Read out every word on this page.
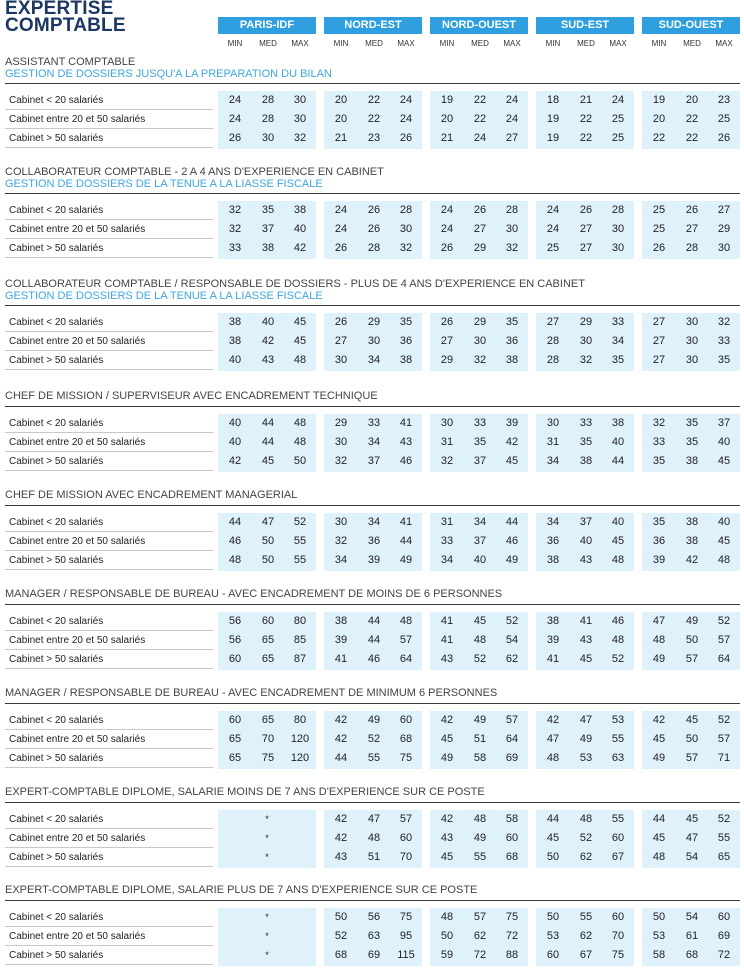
EXPERTISE
COMPTABLE	PARIS-IDF
MIN	MED	MAX
NORD-EST
MIN	MED	MAX
NORD-OUEST
MIN	MED	MAX
SUD-EST
MIN	MED	MAX
SUD-OUEST
MIN	MED	MAX
ASSISTANT COMPTABLE
GESTION DE DOSSIERS JUSQU'A LA PREPARATION DU BILAN
Cabinet < 20 salariés	24	28	30	20	22	24	19	22	24	18	21	24	19	20	23
Cabinet entre 20 et 50 salariés	24	28	30	20	22	24	20	22	24	19	22	25	20	22	25
Cabinet > 50 salariés	26	30	32	21	23	26	21	24	27	19	22	25	22	22	26
COLLABORATEUR COMPTABLE - 2 A 4 ANS D'EXPERIENCE EN CABINET
GESTION DE DOSSIERS DE LA TENUE A LA LIASSE FISCALE
Cabinet < 20 salariés	32	35	38	24	26	28	24	26	28	24	26	28	25	26	27
Cabinet entre 20 et 50 salariés	32	37	40	24	26	30	24	27	30	24	27	30	25	27	29
Cabinet > 50 salariés	33	38	42	26	28	32	26	29	32	25	27	30	26	28	30
COLLABORATEUR COMPTABLE / RESPONSABLE DE DOSSIERS - PLUS DE 4 ANS D'EXPERIENCE EN CABINET
GESTION DE DOSSIERS DE LA TENUE A LA LIASSE FISCALE
Cabinet < 20 salariés	38	40	45	26	29	35	26	29	35	27	29	33	27	30	32
Cabinet entre 20 et 50 salariés	38	42	45	27	30	36	27	30	36	28	30	34	27	30	33
Cabinet > 50 salariés	40	43	48	30	34	38	29	32	38	28	32	35	27	30	35
CHEF DE MISSION / SUPERVISEUR AVEC ENCADREMENT TECHNIQUE
Cabinet < 20 salariés	40	44	48	29	33	41	30	33	39	30	33	38	32	35	37
Cabinet entre 20 et 50 salariés	40	44	48	30	34	43	31	35	42	31	35	40	33	35	40
Cabinet > 50 salariés	42	45	50	32	37	46	32	37	45	34	38	44	35	38	45
CHEF DE MISSION AVEC ENCADREMENT MANAGERIAL
Cabinet < 20 salariés	44	47	52	30	34	41	31	34	44	34	37	40	35	38	40
Cabinet entre 20 et 50 salariés	46	50	55	32	36	44	33	37	46	36	40	45	36	38	45
Cabinet > 50 salariés	48	50	55	34	39	49	34	40	49	38	43	48	39	42	48
MANAGER / RESPONSABLE DE BUREAU - AVEC ENCADREMENT DE MOINS DE 6 PERSONNES
Cabinet < 20 salariés	56	60	80	38	44	48	41	45	52	38	41	46	47	49	52
Cabinet entre 20 et 50 salariés	56	65	85	39	44	57	41	48	54	39	43	48	48	50	57
Cabinet > 50 salariés	60	65	87	41	46	64	43	52	62	41	45	52	49	57	64
MANAGER / RESPONSABLE DE BUREAU - AVEC ENCADREMENT DE MINIMUM 6 PERSONNES
Cabinet < 20 salariés	60	65	80	42	49	60	42	49	57	42	47	53	42	45	52
Cabinet entre 20 et 50 salariés	65	70	120	42	52	68	45	51	64	47	49	55	45	50	57
Cabinet > 50 salariés	65	75	120	44	55	75	49	58	69	48	53	63	49	57	71
EXPERT-COMPTABLE DIPLOME, SALARIE MOINS DE 7 ANS D'EXPERIENCE SUR CE POSTE
Cabinet < 20 salariés	*	42	47	57	42	48	58	44	48	55	44	45	52
Cabinet entre 20 et 50 salariés	*	42	48	60	43	49	60	45	52	60	45	47	55
Cabinet > 50 salariés	*	43	51	70	45	55	68	50	62	67	48	54	65
EXPERT-COMPTABLE DIPLOME, SALARIE PLUS DE 7 ANS D'EXPERIENCE SUR CE POSTE
Cabinet < 20 salariés	*	50	56	75	48	57	75	50	55	60	50	54	60
Cabinet entre 20 et 50 salariés	*	52	63	95	50	62	72	53	62	70	53	61	69
Cabinet > 50 salariés	*	68	69	115	59	72	88	60	67	75	58	68	72
